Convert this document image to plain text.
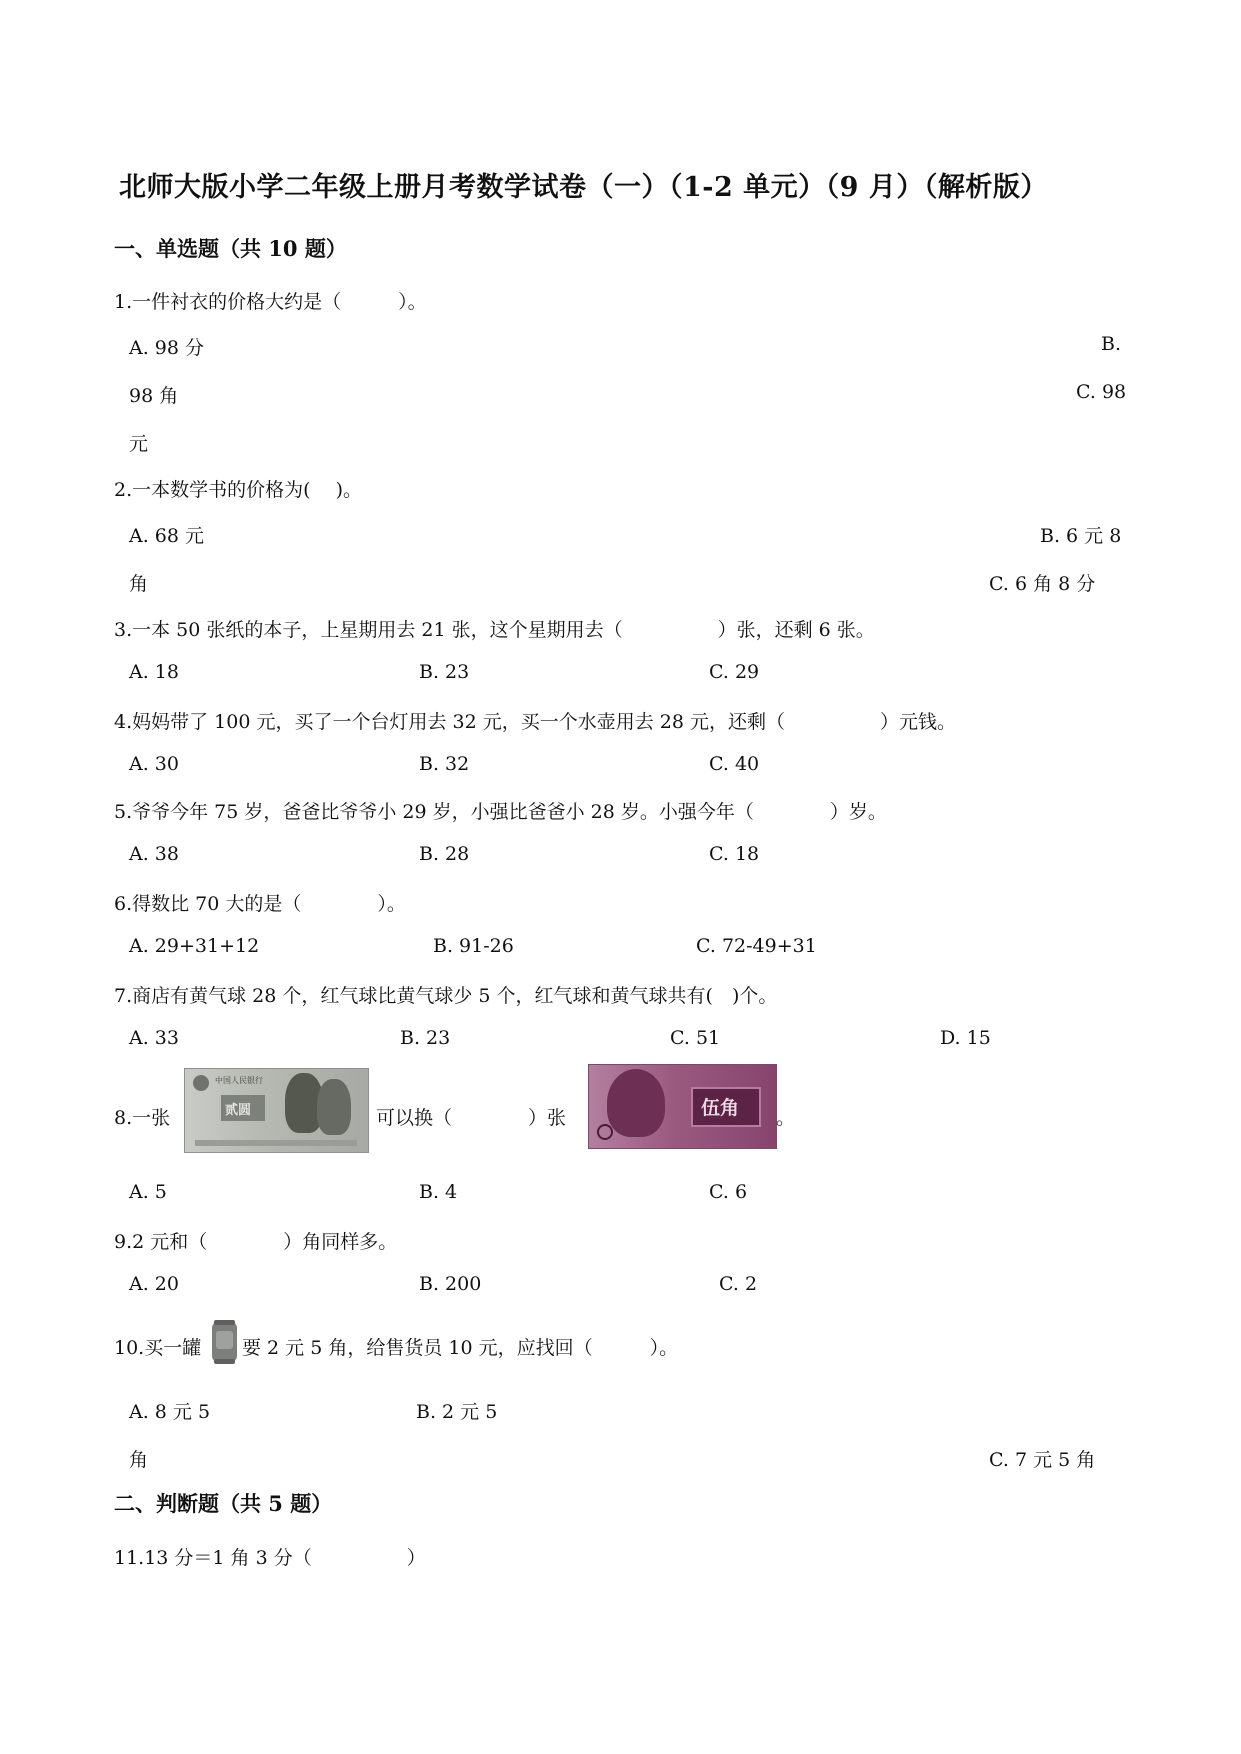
北师大版小学二年级上册月考数学试卷（一）（1-2 单元）（9 月）（解析版）
一、单选题（共 10 题）
1.一件衬衣的价格大约是（　　　）。
A. 98 分	B.
98 角	C. 98
元
2.一本数学书的价格为(　 )。
A. 68 元	B. 6 元 8
角	C. 6 角 8 分
3.一本 50 张纸的本子，上星期用去 21 张，这个星期用去（　　　　　）张，还剩 6 张。
A. 18	B. 23	C. 29
4.妈妈带了 100 元，买了一个台灯用去 32 元，买一个水壶用去 28 元，还剩（　　　　　）元钱。
A. 30	B. 32	C. 40
5.爷爷今年 75 岁，爸爸比爷爷小 29 岁，小强比爸爸小 28 岁。小强今年（　　　　）岁。
A. 38	B. 28	C. 18
6.得数比 70 大的是（　　　　）。
A. 29+31+12	B. 91-26	C. 72-49+31
7.商店有黄气球 28 个，红气球比黄气球少 5 个，红气球和黄气球共有(　)个。
A. 33	B. 23	C. 51	D. 15
8.一张
中国人民银行
贰圆	可以换（　　　　）张	伍角 。
A. 5	B. 4	C. 6
9.2 元和（　　　　）角同样多。
A. 20	B. 200	C. 2
10.买一罐 要 2 元 5 角，给售货员 10 元，应找回（　　　）。
A. 8 元 5	B. 2 元 5
角	C. 7 元 5 角
二、判断题（共 5 题）
11.13 分＝1 角 3 分（　　　　　）
